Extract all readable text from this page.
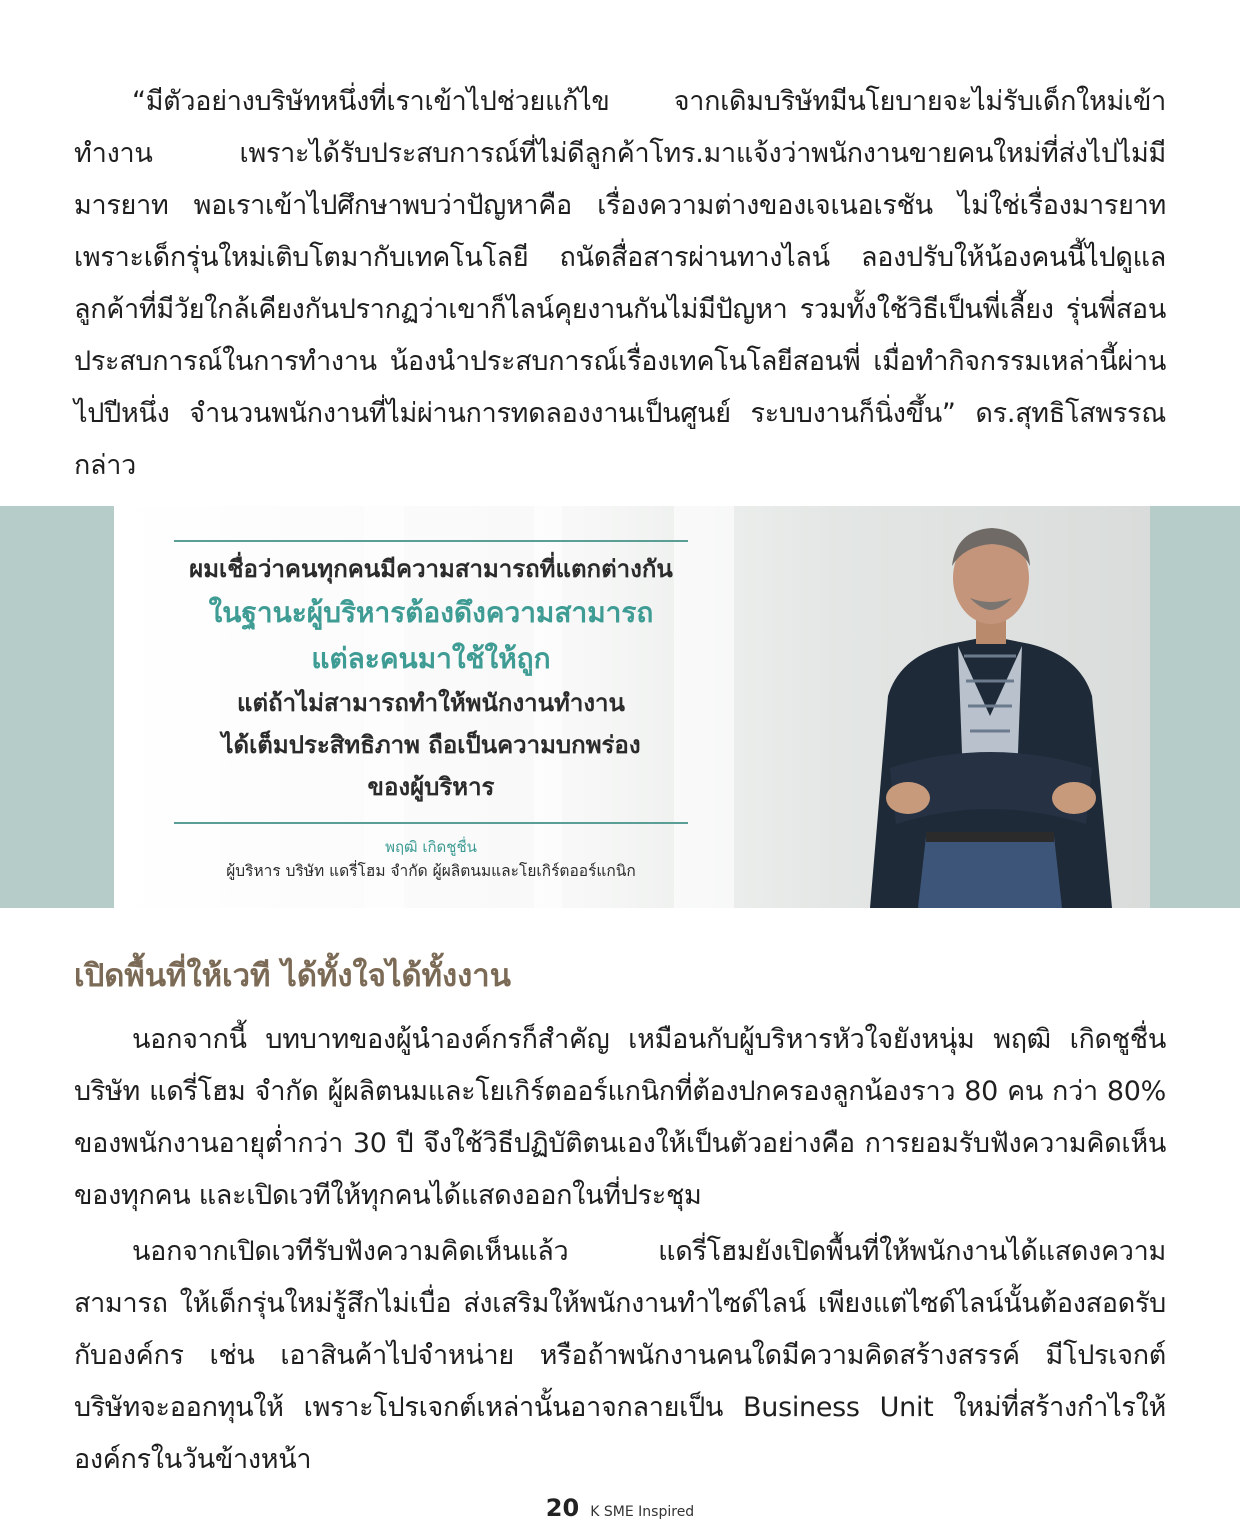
“มีตัวอย่างบริษัทหนึ่งที่เราเข้าไปช่วยแก้ไข จากเดิมบริษัทมีนโยบายจะไม่รับเด็กใหม่เข้าทำงาน เพราะได้รับประสบการณ์ที่ไม่ดีลูกค้าโทร.มาแจ้งว่าพนักงานขายคนใหม่ที่ส่งไปไม่มีมารยาท พอเราเข้าไปศึกษาพบว่าปัญหาคือ เรื่องความต่างของเจเนอเรชัน ไม่ใช่เรื่องมารยาท เพราะเด็กรุ่นใหม่เติบโตมากับเทคโนโลยี ถนัดสื่อสารผ่านทางไลน์ ลองปรับให้น้องคนนี้ไปดูแลลูกค้าที่มีวัยใกล้เคียงกันปรากฏว่าเขาก็ไลน์คุยงานกันไม่มีปัญหา รวมทั้งใช้วิธีเป็นพี่เลี้ยง รุ่นพี่สอนประสบการณ์ในการทำงาน น้องนำประสบการณ์เรื่องเทคโนโลยีสอนพี่ เมื่อทำกิจกรรมเหล่านี้ผ่านไปปีหนึ่ง จำนวนพนักงานที่ไม่ผ่านการทดลองงานเป็นศูนย์ ระบบงานก็นิ่งขึ้น” ดร.สุทธิโสพรรณกล่าว

ผมเชื่อว่าคนทุกคนมีความสามารถที่แตกต่างกัน
ในฐานะผู้บริหารต้องดึงความสามารถ
แต่ละคนมาใช้ให้ถูก
แต่ถ้าไม่สามารถทำให้พนักงานทำงาน
ได้เต็มประสิทธิภาพ ถือเป็นความบกพร่อง
ของผู้บริหาร
พฤฒิ เกิดชูชื่น
ผู้บริหาร บริษัท แดรี่โฮม จำกัด ผู้ผลิตนมและโยเกิร์ตออร์แกนิก
เปิดพื้นที่ให้เวที ได้ทั้งใจได้ทั้งงาน

นอกจากนี้ บทบาทของผู้นำองค์กรก็สำคัญ เหมือนกับผู้บริหารหัวใจยังหนุ่ม พฤฒิ เกิดชูชื่น บริษัท แดรี่โฮม จำกัด ผู้ผลิตนมและโยเกิร์ตออร์แกนิกที่ต้องปกครองลูกน้องราว 80 คน กว่า 80% ของพนักงานอายุต่ำกว่า 30 ปี จึงใช้วิธีปฏิบัติตนเองให้เป็นตัวอย่างคือ การยอมรับฟังความคิดเห็นของทุกคน และเปิดเวทีให้ทุกคนได้แสดงออกในที่ประชุม

นอกจากเปิดเวทีรับฟังความคิดเห็นแล้ว แดรี่โฮมยังเปิดพื้นที่ให้พนักงานได้แสดงความสามารถ ให้เด็กรุ่นใหม่รู้สึกไม่เบื่อ ส่งเสริมให้พนักงานทำไซด์ไลน์ เพียงแต่ไซด์ไลน์นั้นต้องสอดรับกับองค์กร เช่น เอาสินค้าไปจำหน่าย หรือถ้าพนักงานคนใดมีความคิดสร้างสรรค์ มีโปรเจกต์ บริษัทจะออกทุนให้ เพราะโปรเจกต์เหล่านั้นอาจกลายเป็น Business Unit ใหม่ที่สร้างกำไรให้องค์กรในวันข้างหน้า

20 K SME Inspired
